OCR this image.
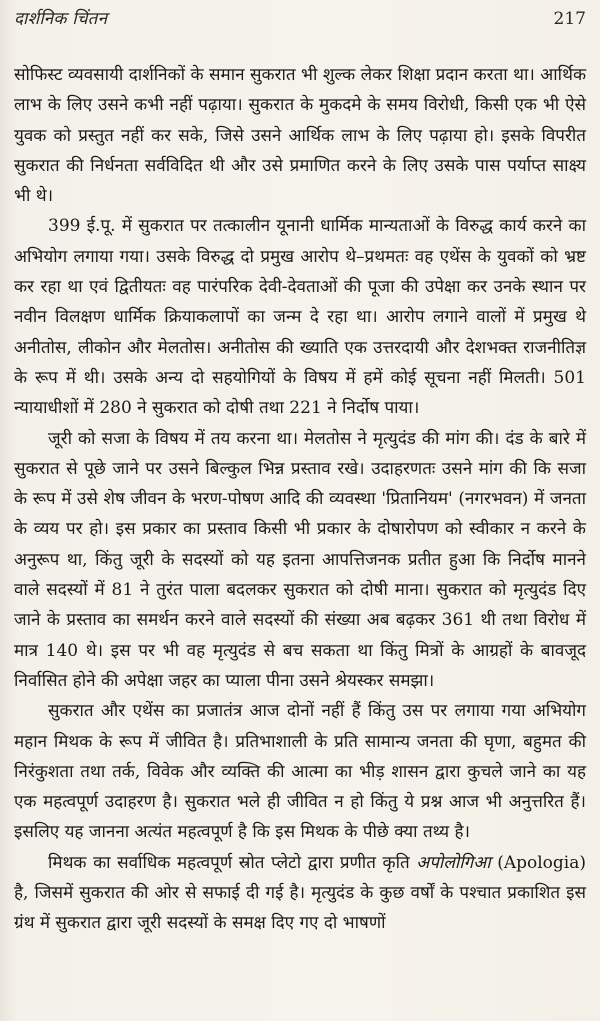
दार्शनिक चिंतन	217

सोफिस्ट व्यवसायी दार्शनिकों के समान सुकरात भी शुल्क लेकर शिक्षा प्रदान करता था। आर्थिक लाभ के लिए उसने कभी नहीं पढ़ाया। सुकरात के मुकदमे के समय विरोधी, किसी एक भी ऐसे युवक को प्रस्तुत नहीं कर सके, जिसे उसने आर्थिक लाभ के लिए पढ़ाया हो। इसके विपरीत सुकरात की निर्धनता सर्वविदित थी और उसे प्रमाणित करने के लिए उसके पास पर्याप्त साक्ष्य भी थे।

399 ई.पू. में सुकरात पर तत्कालीन यूनानी धार्मिक मान्यताओं के विरुद्ध कार्य करने का अभियोग लगाया गया। उसके विरुद्ध दो प्रमुख आरोप थे–प्रथमतः वह एथेंस के युवकों को भ्रष्ट कर रहा था एवं द्वितीयतः वह पारंपरिक देवी-देवताओं की पूजा की उपेक्षा कर उनके स्थान पर नवीन विलक्षण धार्मिक क्रियाकलापों का जन्म दे रहा था। आरोप लगाने वालों में प्रमुख थे अनीतोस, लीकोन और मेलतोस। अनीतोस की ख्याति एक उत्तरदायी और देशभक्त राजनीतिज्ञ के रूप में थी। उसके अन्य दो सहयोगियों के विषय में हमें कोई सूचना नहीं मिलती। 501 न्यायाधीशों में 280 ने सुकरात को दोषी तथा 221 ने निर्दोष पाया।

जूरी को सजा के विषय में तय करना था। मेलतोस ने मृत्युदंड की मांग की। दंड के बारे में सुकरात से पूछे जाने पर उसने बिल्कुल भिन्न प्रस्ताव रखे। उदाहरणतः उसने मांग की कि सजा के रूप में उसे शेष जीवन के भरण-पोषण आदि की व्यवस्था 'प्रितानियम' (नगरभवन) में जनता के व्यय पर हो। इस प्रकार का प्रस्ताव किसी भी प्रकार के दोषारोपण को स्वीकार न करने के अनुरूप था, किंतु जूरी के सदस्यों को यह इतना आपत्तिजनक प्रतीत हुआ कि निर्दोष मानने वाले सदस्यों में 81 ने तुरंत पाला बदलकर सुकरात को दोषी माना। सुकरात को मृत्युदंड दिए जाने के प्रस्ताव का समर्थन करने वाले सदस्यों की संख्या अब बढ़कर 361 थी तथा विरोध में मात्र 140 थे। इस पर भी वह मृत्युदंड से बच सकता था किंतु मित्रों के आग्रहों के बावजूद निर्वासित होने की अपेक्षा जहर का प्याला पीना उसने श्रेयस्कर समझा।

सुकरात और एथेंस का प्रजातंत्र आज दोनों नहीं हैं किंतु उस पर लगाया गया अभियोग महान मिथक के रूप में जीवित है। प्रतिभाशाली के प्रति सामान्य जनता की घृणा, बहुमत की निरंकुशता तथा तर्क, विवेक और व्यक्ति की आत्मा का भीड़ शासन द्वारा कुचले जाने का यह एक महत्वपूर्ण उदाहरण है। सुकरात भले ही जीवित न हो किंतु ये प्रश्न आज भी अनुत्तरित हैं। इसलिए यह जानना अत्यंत महत्वपूर्ण है कि इस मिथक के पीछे क्या तथ्य है।

मिथक का सर्वाधिक महत्वपूर्ण स्रोत प्लेटो द्वारा प्रणीत कृति अपोलोगिआ (Apologia) है, जिसमें सुकरात की ओर से सफाई दी गई है। मृत्युदंड के कुछ वर्षों के पश्चात प्रकाशित इस ग्रंथ में सुकरात द्वारा जूरी सदस्यों के समक्ष दिए गए दो भाषणों
